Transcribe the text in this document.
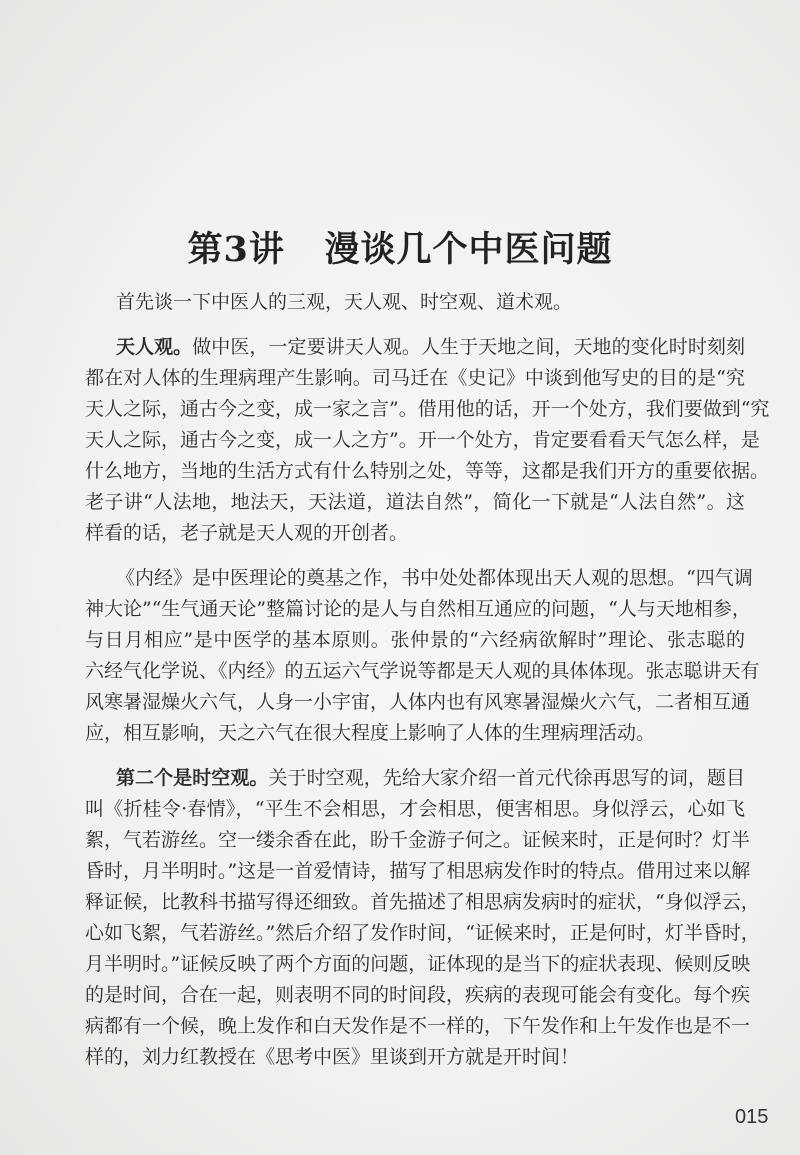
第3讲   漫谈几个中医问题
首先谈一下中医人的三观，天人观、时空观、道术观。
天人观。做中医，一定要讲天人观。人生于天地之间，天地的变化时时刻刻
都在对人体的生理病理产生影响。司马迁在《史记》中谈到他写史的目的是“究
天人之际，通古今之变，成一家之言”。借用他的话，开一个处方，我们要做到“究
天人之际，通古今之变，成一人之方”。开一个处方，肯定要看看天气怎么样，是
什么地方，当地的生活方式有什么特别之处，等等，这都是我们开方的重要依据。
老子讲“人法地，地法天，天法道，道法自然”，简化一下就是“人法自然”。这
样看的话，老子就是天人观的开创者。
《内经》是中医理论的奠基之作，书中处处都体现出天人观的思想。“四气调
神大论”“生气通天论”整篇讨论的是人与自然相互通应的问题，“人与天地相参，
与日月相应”是中医学的基本原则。张仲景的“六经病欲解时”理论、张志聪的
六经气化学说、《内经》的五运六气学说等都是天人观的具体体现。张志聪讲天有
风寒暑湿燥火六气，人身一小宇宙，人体内也有风寒暑湿燥火六气，二者相互通
应，相互影响，天之六气在很大程度上影响了人体的生理病理活动。
第二个是时空观。关于时空观，先给大家介绍一首元代徐再思写的词，题目
叫《折桂令·春情》，“平生不会相思，才会相思，便害相思。身似浮云，心如飞
絮，气若游丝。空一缕余香在此，盼千金游子何之。证候来时，正是何时？灯半
昏时，月半明时。”这是一首爱情诗，描写了相思病发作时的特点。借用过来以解
释证候，比教科书描写得还细致。首先描述了相思病发病时的症状，“身似浮云，
心如飞絮，气若游丝。”然后介绍了发作时间，“证候来时，正是何时，灯半昏时，
月半明时。”证候反映了两个方面的问题，证体现的是当下的症状表现、候则反映
的是时间，合在一起，则表明不同的时间段，疾病的表现可能会有变化。每个疾
病都有一个候，晚上发作和白天发作是不一样的，下午发作和上午发作也是不一
样的，刘力红教授在《思考中医》里谈到开方就是开时间！
015
